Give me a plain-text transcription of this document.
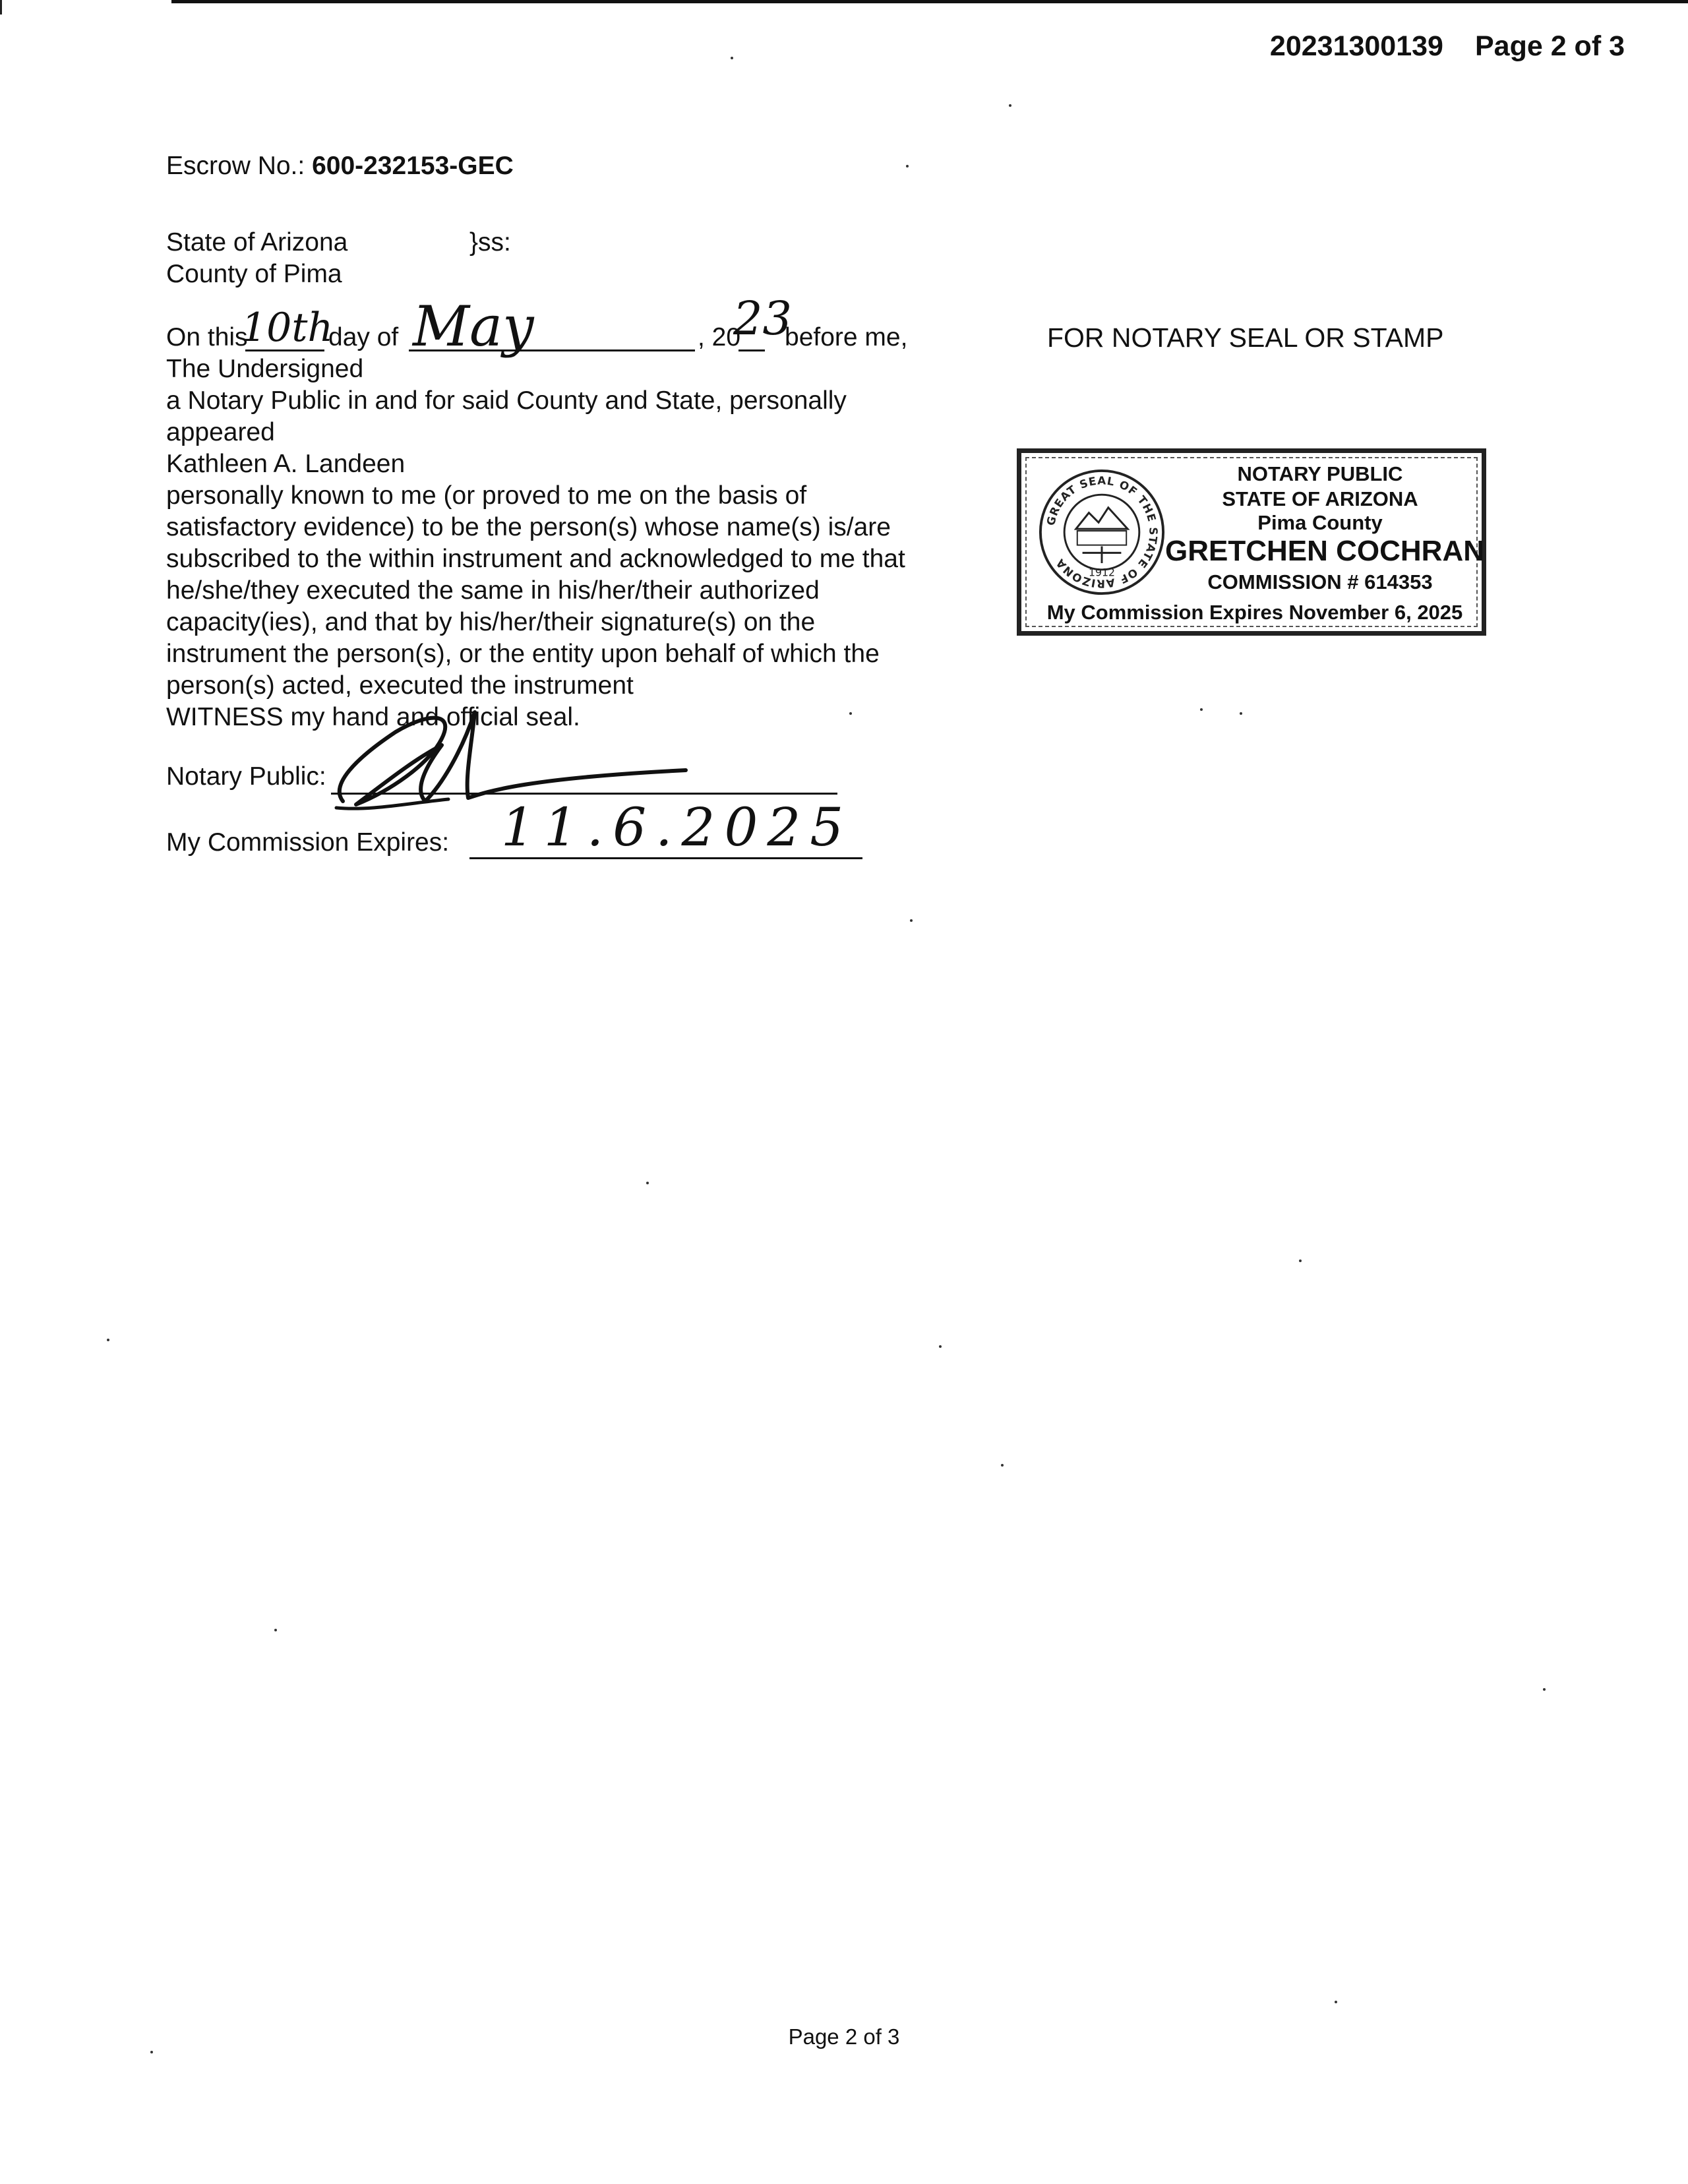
20231300139 Page 2 of 3
Escrow No.: 600-232153-GEC
State of Arizona	}ss:
County of Pima
On this
10th
day of May	, 20
23
before me,
The Undersigned
a Notary Public in and for said County and State, personally
appeared
Kathleen A. Landeen
personally known to me (or proved to me on the basis of
satisfactory evidence) to be the person(s) whose name(s) is/are
subscribed to the within instrument and acknowledged to me that
he/she/they executed the same in his/her/their authorized
capacity(ies), and that by his/her/their signature(s) on the
instrument the person(s), or the entity upon behalf of which the
person(s) acted, executed the instrument
WITNESS my hand and official seal.
Notary Public:
My Commission Expires: 11.6.2025
FOR NOTARY SEAL OR STAMP
GREAT SEAL OF THE STATE OF ARIZONA
1912
NOTARY PUBLIC
STATE OF ARIZONA
Pima County
GRETCHEN COCHRAN
COMMISSION # 614353
My Commission Expires November 6, 2025
Page 2 of 3
